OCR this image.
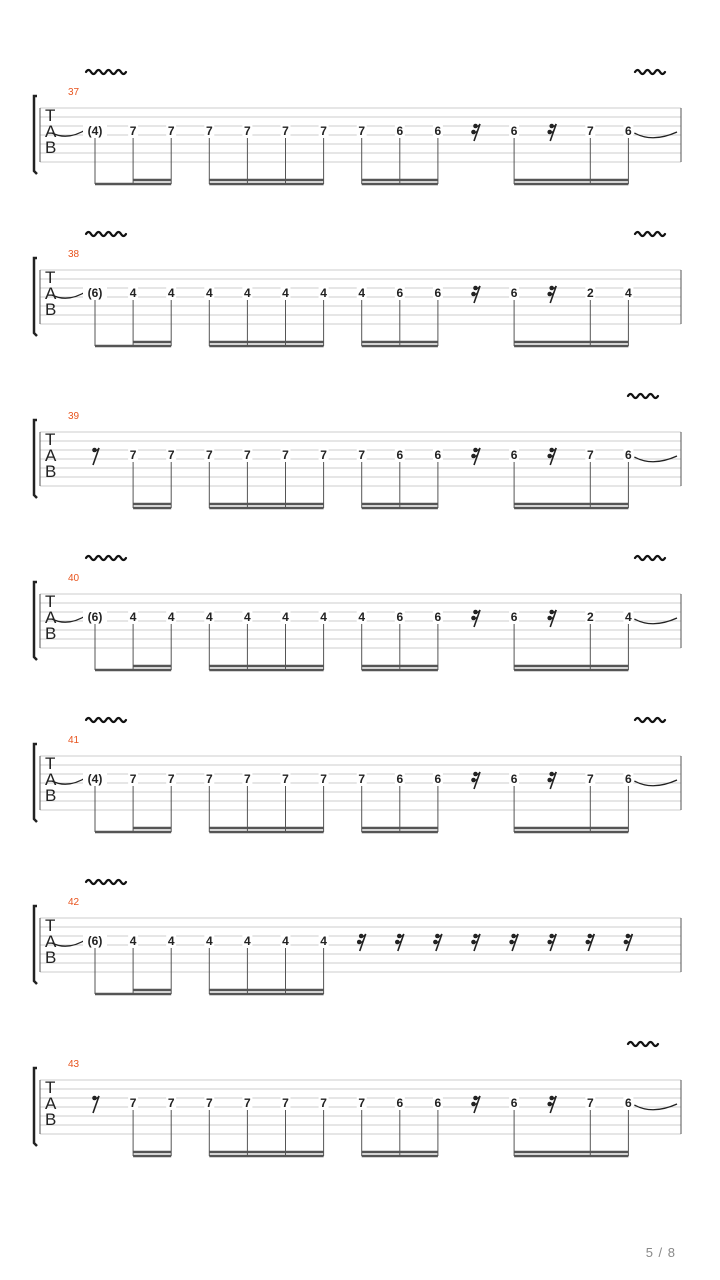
37
T
A
B
(4) 7	7	7	7	7	7	7	6	6	6	7	6
38
T
A
B
(6) 4	4	4	4	4	4	4	6	6	6	2	4
39
T
A
B
7	7	7	7	7	7	7	6	6	6	7	6
40
T
A
B
(6) 4	4	4	4	4	4	4	6	6	6	2	4
41
T
A
B
(4) 7	7	7	7	7	7	7	6	6	6	7	6
42
T
A
B
(6) 4	4	4	4	4	4
43
T
A
B
7	7	7	7	7	7	7	6	6	6	7	6
5 / 8
